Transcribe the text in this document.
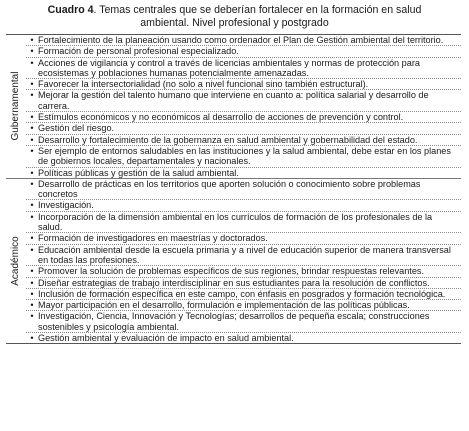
Cuadro 4. Temas centrales que se deberían fortalecer en la formación en salud
ambiental. Nivel profesional y postgrado
Gubernamental
• Fortalecimiento de la planeación usando como ordenador el Plan de Gestión ambiental del territorio.
• Formación de personal profesional especializado.
• Acciones de vigilancia y control a través de licencias ambientales y normas de protección para ecosistemas y poblaciones humanas potencialmente amenazadas.
• Favorecer la intersectorialidad (no solo a nivel funcional sino también estructural).
• Mejorar la gestión del talento humano que interviene en cuanto a: política salarial y desarrollo de carrera.
• Estímulos económicos y no económicos al desarrollo de acciones de prevención y control.
• Gestión del riesgo.
• Desarrollo y fortalecimiento de la gobernanza en salud ambiental y gobernabilidad del estado.
• Ser ejemplo de entornos saludables en las instituciones y la salud ambiental, debe estar en los planes de gobiernos locales, departamentales y nacionales.
• Políticas públicas y gestión de la salud ambiental.
Académico
• Desarrollo de prácticas en los territorios que aporten solución o conocimiento sobre problemas concretos
• Investigación.
• Incorporación de la dimensión ambiental en los currículos de formación de los profesionales de la salud.
• Formación de investigadores en maestrías y doctorados.
• Educación ambiental desde la escuela primaria y a nivel de educación superior de manera transversal en todas las profesiones.
• Promover la solución de problemas específicos de sus regiones, brindar respuestas relevantes.
• Diseñar estrategias de trabajo interdisciplinar en sus estudiantes para la resolución de conflictos.
• Inclusión de formación específica en este campo, con énfasis en posgrados y formación tecnológica.
• Mayor participación en el desarrollo, formulación e implementación de las políticas públicas.
• Investigación, Ciencia, Innovación y Tecnologías; desarrollos de pequeña escala; construcciones sostenibles y psicología ambiental.
• Gestión ambiental y evaluación de impacto en salud ambiental.
